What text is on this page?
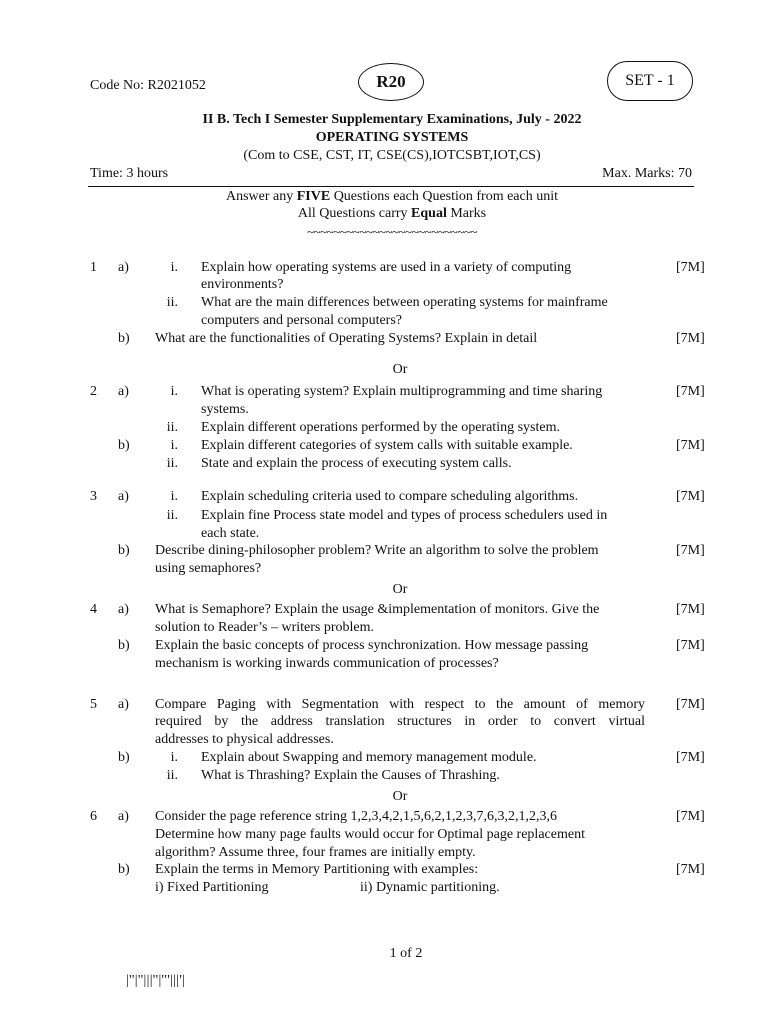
Code No: R2021052	R20	SET - 1
II B. Tech I Semester Supplementary Examinations, July - 2022
OPERATING SYSTEMS
(Com to CSE, CST, IT, CSE(CS),IOTCSBT,IOT,CS)
Time: 3 hours	Max. Marks: 70
Answer any FIVE Questions each Question from each unit
All Questions carry Equal Marks
~~~~~~~~~~~~~~~~~~~~~~~~~~
1 a)	i. Explain how operating systems are used in a variety of computing
environments?
[7M]
ii. What are the main differences between operating systems for mainframe
computers and personal computers?
b) What are the functionalities of Operating Systems? Explain in detail	[7M]
Or
2 a)	i. What is operating system? Explain multiprogramming and time sharing
systems.
[7M]
ii. Explain different operations performed by the operating system.
b)	i. Explain different categories of system calls with suitable example.	[7M]
ii. State and explain the process of executing system calls.
3 a)	i. Explain scheduling criteria used to compare scheduling algorithms.	[7M]
ii. Explain fine Process state model and types of process schedulers used in
each state.
b) Describe dining-philosopher problem? Write an algorithm to solve the problem
using semaphores?
[7M]
Or
4 a) What is Semaphore? Explain the usage &implementation of monitors. Give the
solution to Reader’s – writers problem.
[7M]
b) Explain the basic concepts of process synchronization. How message passing
mechanism is working inwards communication of processes?
[7M]
5 a) Compare Paging with Segmentation with respect to the amount of memory
required by the address translation structures in order to convert virtual
addresses to physical addresses.
[7M]
b)	i. Explain about Swapping and memory management module.	[7M]
ii. What is Thrashing? Explain the Causes of Thrashing.
Or
6 a) Consider the page reference string 1,2,3,4,2,1,5,6,2,1,2,3,7,6,3,2,1,2,3,6
Determine how many page faults would occur for Optimal page replacement
algorithm? Assume three, four frames are initially empty.
[7M]
b) Explain the terms in Memory Partitioning with examples:
i) Fixed Partitioning	ii) Dynamic partitioning.
[7M]
1 of 2
|''|''|||''|'''|||'|
